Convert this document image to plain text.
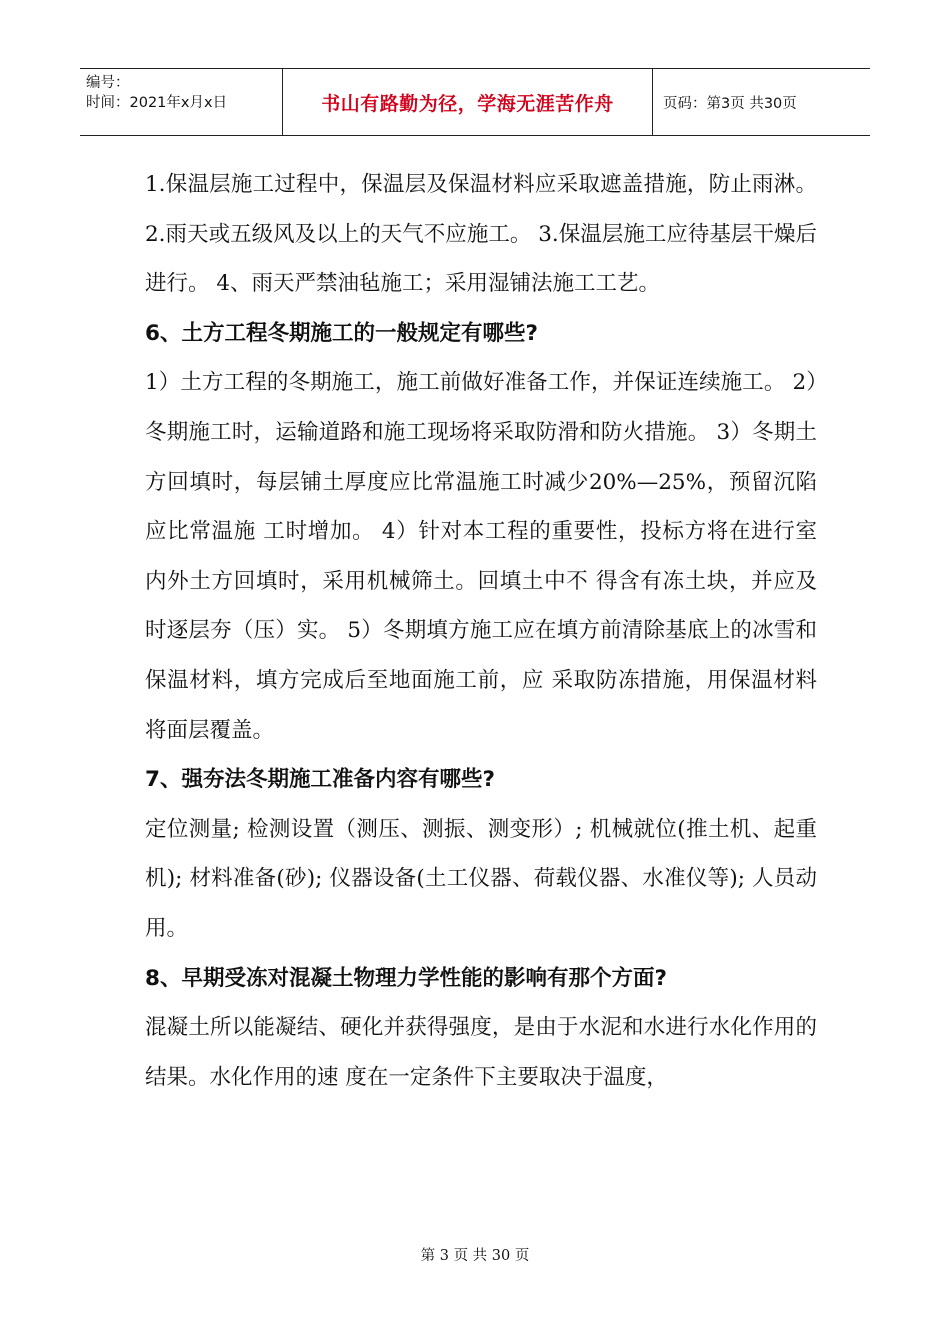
编号：
时间：2021年x月x日	书山有路勤为径，学海无涯苦作舟	页码：第3页 共30页

1.保温层施工过程中，保温层及保温材料应采取遮盖措施，防止雨淋。 2.雨天或五级风及以上的天气不应施工。 3.保温层施工应待基层干燥后进行。 4、雨天严禁油毡施工；采用湿铺法施工工艺。

6、土方工程冬期施工的一般规定有哪些?

1）土方工程的冬期施工，施工前做好准备工作，并保证连续施工。 2）冬期施工时，运输道路和施工现场将采取防滑和防火措施。 3）冬期土方回填时，每层铺土厚度应比常温施工时减少20%—25%，预留沉陷应比常温施 工时增加。 4）针对本工程的重要性，投标方将在进行室内外土方回填时，采用机械筛土。回填土中不 得含有冻土块，并应及时逐层夯（压）实。 5）冬期填方施工应在填方前清除基底上的冰雪和保温材料，填方完成后至地面施工前，应 采取防冻措施，用保温材料将面层覆盖。

7、强夯法冬期施工准备内容有哪些?

定位测量; 检测设置（测压、测振、测变形）; 机械就位(推土机、起重机); 材料准备(砂); 仪器设备(土工仪器、荷载仪器、水准仪等); 人员动用。

8、早期受冻对混凝土物理力学性能的影响有那个方面?

混凝土所以能凝结、硬化并获得强度，是由于水泥和水进行水化作用的结果。水化作用的速 度在一定条件下主要取决于温度，

第 3 页 共 30 页
